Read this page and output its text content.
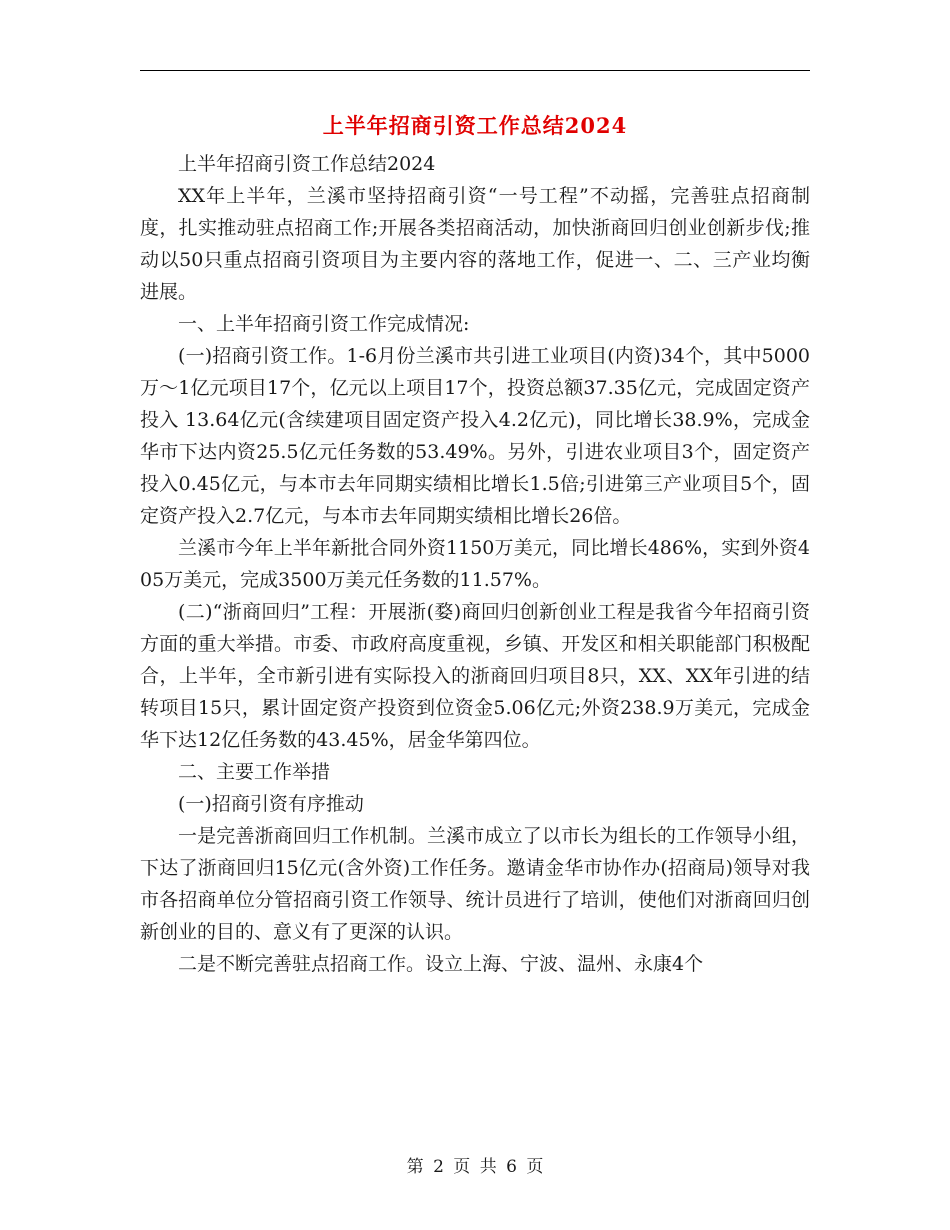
上半年招商引资工作总结2024

上半年招商引资工作总结2024

XX年上半年，兰溪市坚持招商引资“一号工程”不动摇，完善驻点招商制度，扎实推动驻点招商工作;开展各类招商活动，加快浙商回归创业创新步伐;推动以50只重点招商引资项目为主要内容的落地工作，促进一、二、三产业均衡进展。

一、上半年招商引资工作完成情况:

(一)招商引资工作。1-6月份兰溪市共引进工业项目(内资)34个，其中5000万～1亿元项目17个，亿元以上项目17个，投资总额37.35亿元，完成固定资产投入 13.64亿元(含续建项目固定资产投入4.2亿元)，同比增长38.9%，完成金华市下达内资25.5亿元任务数的53.49%。另外，引进农业项目3个，固定资产投入0.45亿元，与本市去年同期实绩相比增长1.5倍;引进第三产业项目5个，固定资产投入2.7亿元，与本市去年同期实绩相比增长26倍。

兰溪市今年上半年新批合同外资1150万美元，同比增长486%，实到外资405万美元，完成3500万美元任务数的11.57%。

(二)“浙商回归”工程：开展浙(婺)商回归创新创业工程是我省今年招商引资方面的重大举措。市委、市政府高度重视，乡镇、开发区和相关职能部门积极配合，上半年，全市新引进有实际投入的浙商回归项目8只，XX、XX年引进的结转项目15只，累计固定资产投资到位资金5.06亿元;外资238.9万美元，完成金华下达12亿任务数的43.45%，居金华第四位。

二、主要工作举措

(一)招商引资有序推动

一是完善浙商回归工作机制。兰溪市成立了以市长为组长的工作领导小组，下达了浙商回归15亿元(含外资)工作任务。邀请金华市协作办(招商局)领导对我市各招商单位分管招商引资工作领导、统计员进行了培训，使他们对浙商回归创新创业的目的、意义有了更深的认识。

二是不断完善驻点招商工作。设立上海、宁波、温州、永康4个

第 2 页 共 6 页
